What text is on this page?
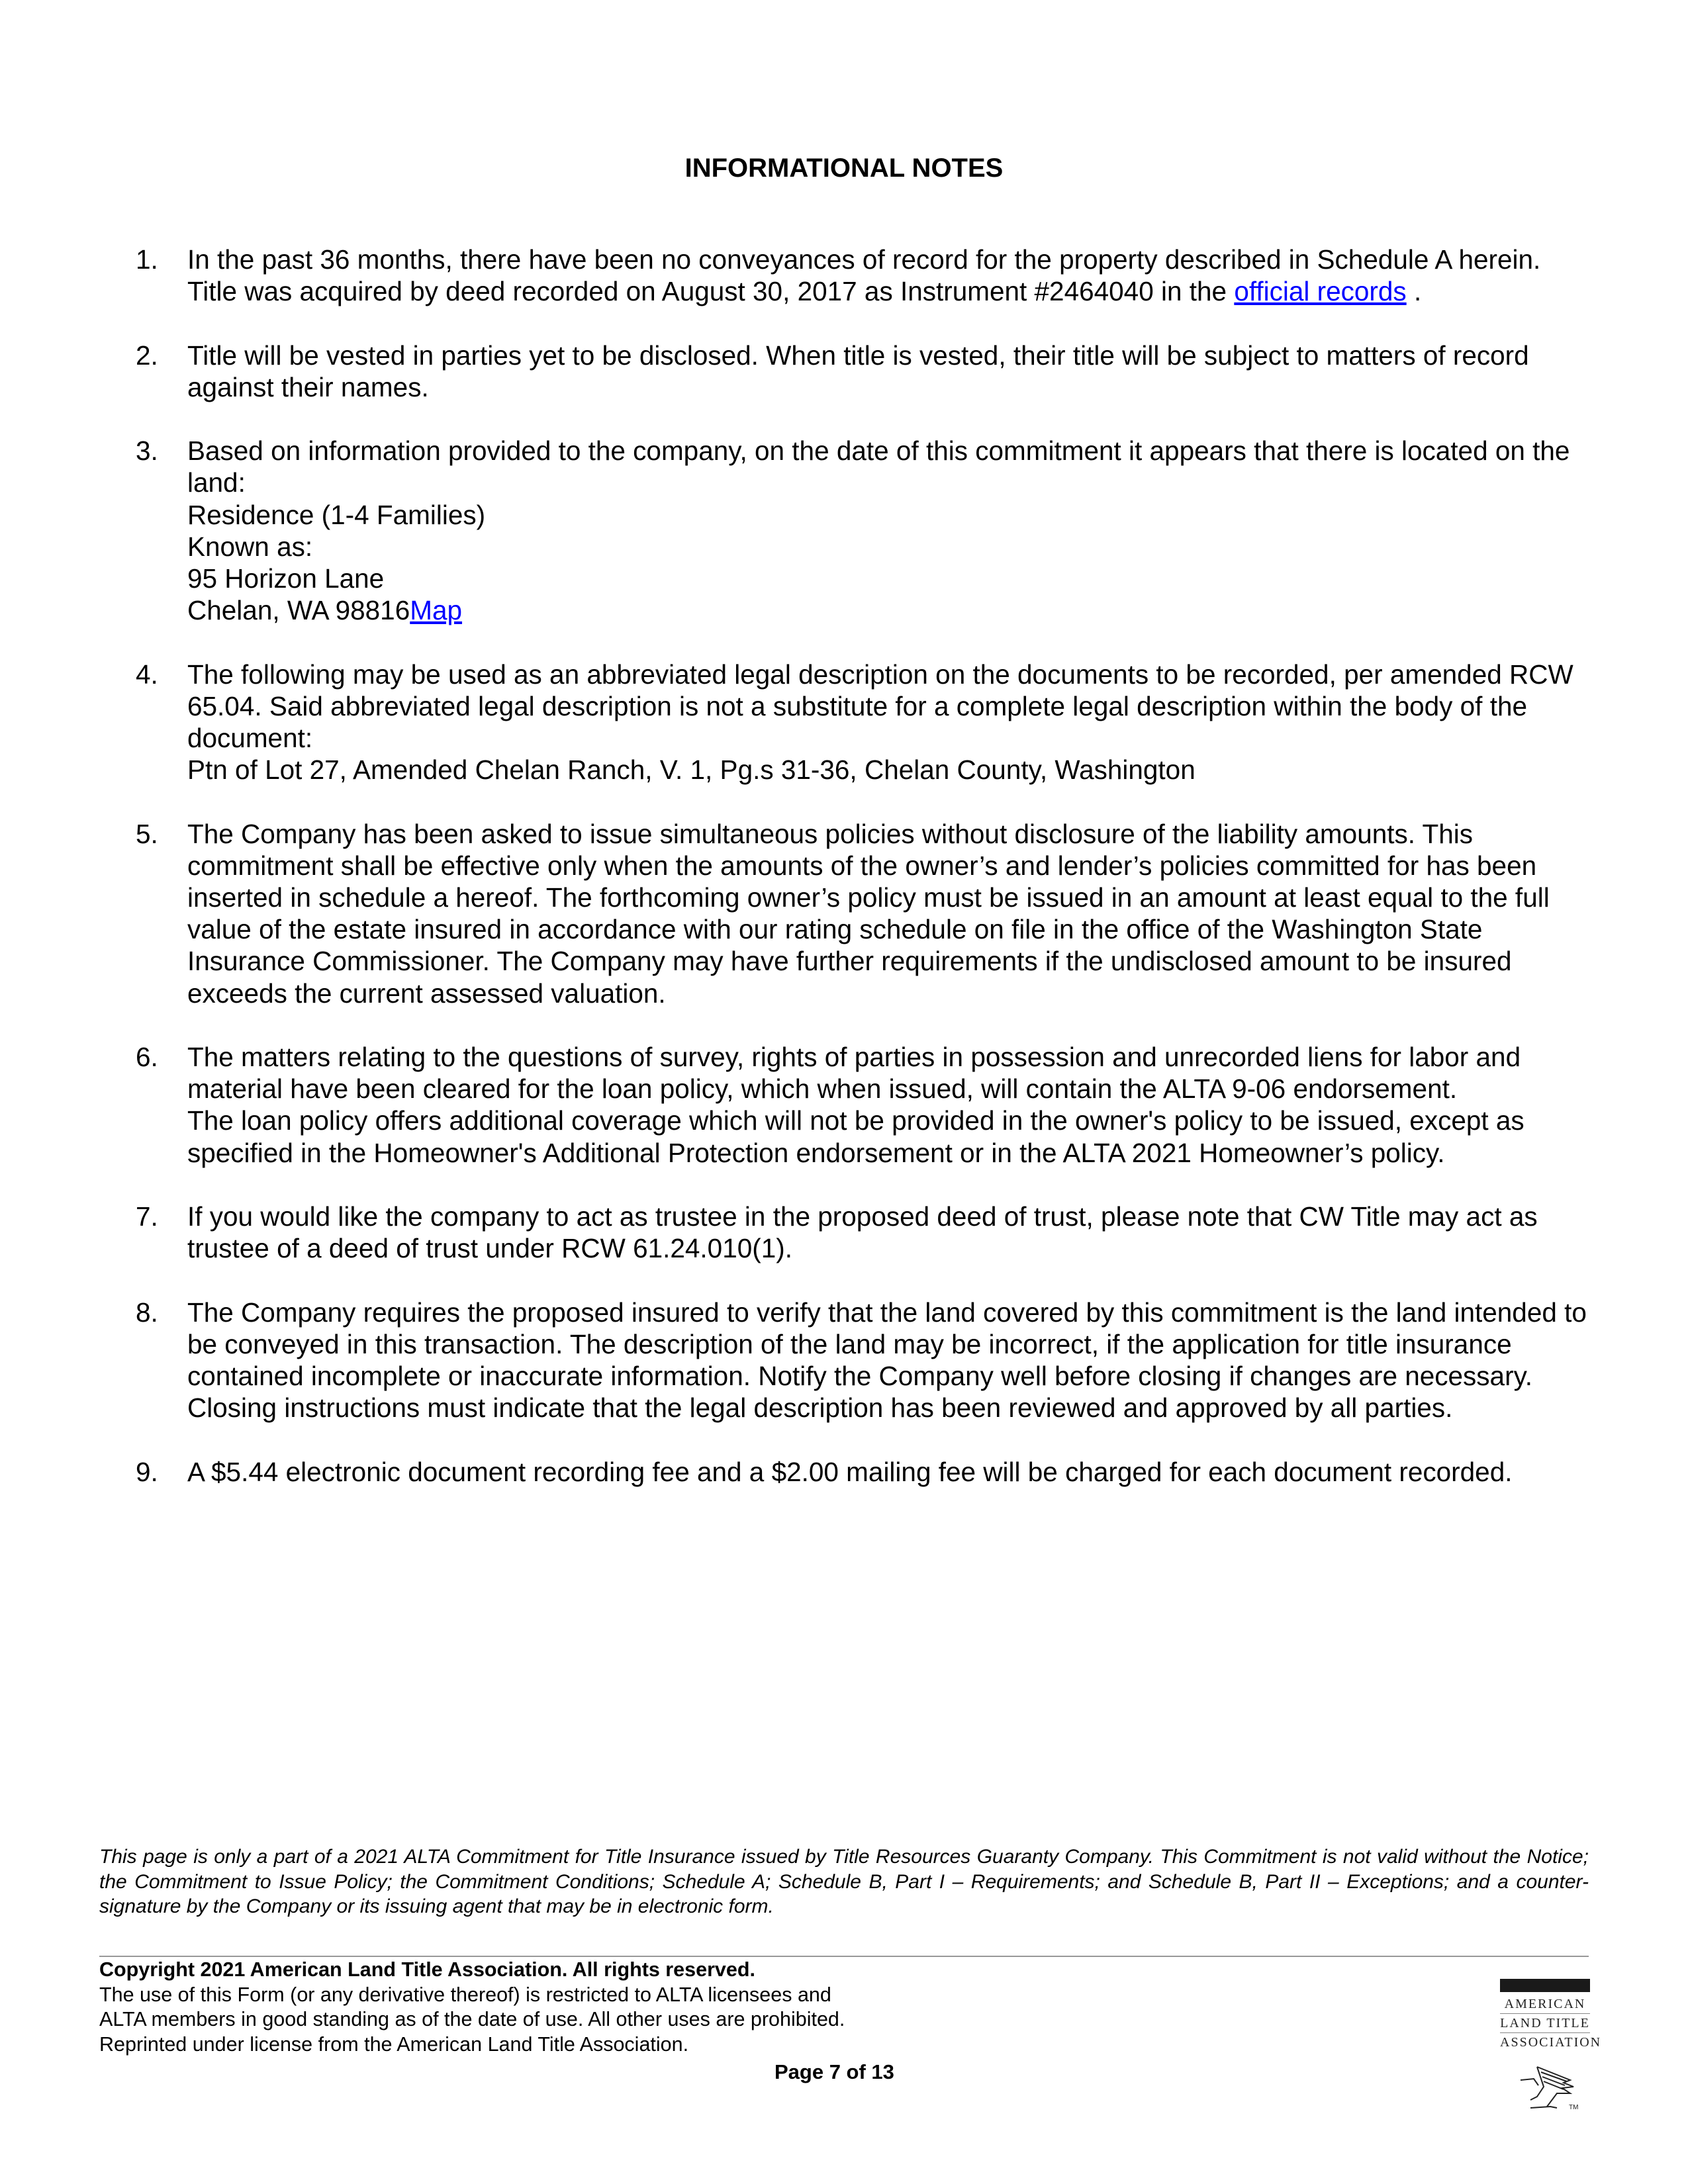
INFORMATIONAL NOTES
1. In the past 36 months, there have been no conveyances of record for the property described in Schedule A herein. Title was acquired by deed recorded on August 30, 2017 as Instrument #2464040 in the official records .

2. Title will be vested in parties yet to be disclosed. When title is vested, their title will be subject to matters of record against their names.

3. Based on information provided to the company, on the date of this commitment it appears that there is located on the land:

Residence (1-4 Families)

Known as:

95 Horizon Lane

Chelan, WA 98816Map

4. The following may be used as an abbreviated legal description on the documents to be recorded, per amended RCW 65.04. Said abbreviated legal description is not a substitute for a complete legal description within the body of the document:

Ptn of Lot 27, Amended Chelan Ranch, V. 1, Pg.s 31-36, Chelan County, Washington

5. The Company has been asked to issue simultaneous policies without disclosure of the liability amounts. This commitment shall be effective only when the amounts of the owner’s and lender’s policies committed for has been inserted in schedule a hereof. The forthcoming owner’s policy must be issued in an amount at least equal to the full value of the estate insured in accordance with our rating schedule on file in the office of the Washington State Insurance Commissioner. The Company may have further requirements if the undisclosed amount to be insured exceeds the current assessed valuation.

6. The matters relating to the questions of survey, rights of parties in possession and unrecorded liens for labor and material have been cleared for the loan policy, which when issued, will contain the ALTA 9-06 endorsement.

The loan policy offers additional coverage which will not be provided in the owner's policy to be issued, except as specified in the Homeowner's Additional Protection endorsement or in the ALTA 2021 Homeowner’s policy.

7. If you would like the company to act as trustee in the proposed deed of trust, please note that CW Title may act as trustee of a deed of trust under RCW 61.24.010(1).

8. The Company requires the proposed insured to verify that the land covered by this commitment is the land intended to be conveyed in this transaction. The description of the land may be incorrect, if the application for title insurance contained incomplete or inaccurate information. Notify the Company well before closing if changes are necessary. Closing instructions must indicate that the legal description has been reviewed and approved by all parties.

9. A $5.44 electronic document recording fee and a $2.00 mailing fee will be charged for each document recorded.

This page is only a part of a 2021 ALTA Commitment for Title Insurance issued by Title Resources Guaranty Company. This Commitment is not valid without the Notice; the Commitment to Issue Policy; the Commitment Conditions; Schedule A; Schedule B, Part I – Requirements; and Schedule B, Part II – Exceptions; and a counter-signature by the Company or its issuing agent that may be in electronic form.
Copyright 2021 American Land Title Association. All rights reserved.
The use of this Form (or any derivative thereof) is restricted to ALTA licensees and
ALTA members in good standing as of the date of use. All other uses are prohibited.
Reprinted under license from the American Land Title Association.
Page 7 of 13
AMERICAN
LAND TITLE
ASSOCIATION
TM
